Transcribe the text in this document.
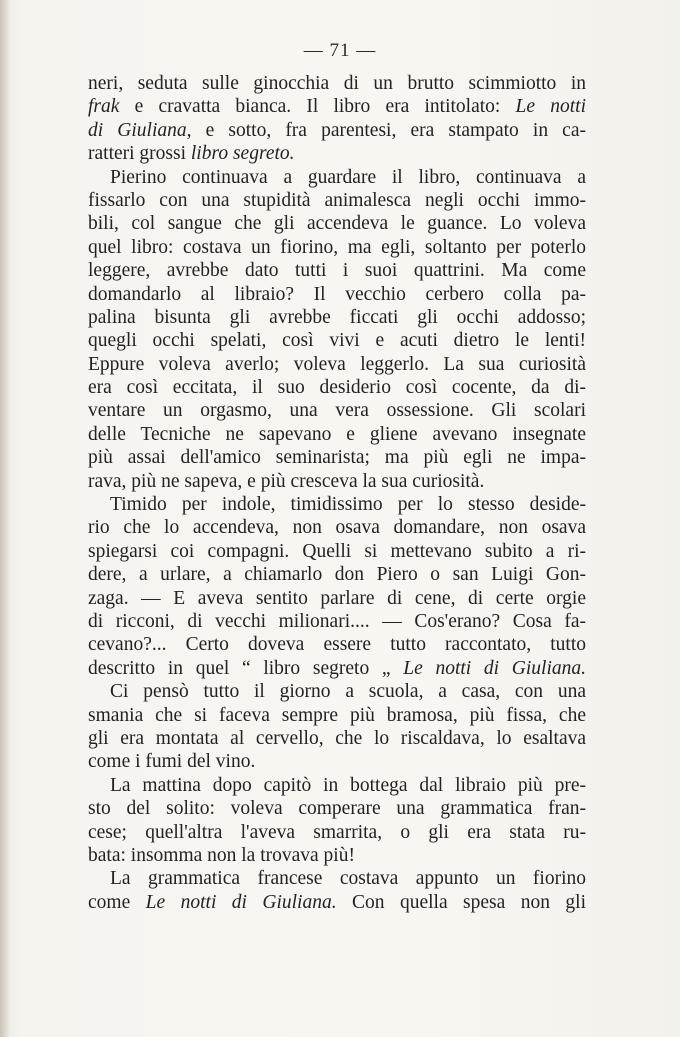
— 71 —
neri, seduta sulle ginocchia di un brutto scimmiotto in
frak e cravatta bianca. Il libro era intitolato: Le notti
di Giuliana, e sotto, fra parentesi, era stampato in ca-
ratteri grossi libro segreto.
Pierino continuava a guardare il libro, continuava a
fissarlo con una stupidità animalesca negli occhi immo-
bili, col sangue che gli accendeva le guance. Lo voleva
quel libro: costava un fiorino, ma egli, soltanto per poterlo
leggere, avrebbe dato tutti i suoi quattrini. Ma come
domandarlo al libraio? Il vecchio cerbero colla pa-
palina bisunta gli avrebbe ficcati gli occhi addosso;
quegli occhi spelati, così vivi e acuti dietro le lenti!
Eppure voleva averlo; voleva leggerlo. La sua curiosità
era così eccitata, il suo desiderio così cocente, da di-
ventare un orgasmo, una vera ossessione. Gli scolari
delle Tecniche ne sapevano e gliene avevano insegnate
più assai dell'amico seminarista; ma più egli ne impa-
rava, più ne sapeva, e più cresceva la sua curiosità.
Timido per indole, timidissimo per lo stesso deside-
rio che lo accendeva, non osava domandare, non osava
spiegarsi coi compagni. Quelli si mettevano subito a ri-
dere, a urlare, a chiamarlo don Piero o san Luigi Gon-
zaga. — E aveva sentito parlare di cene, di certe orgie
di ricconi, di vecchi milionari.... — Cos'erano? Cosa fa-
cevano?... Certo doveva essere tutto raccontato, tutto
descritto in quel “ libro segreto „ Le notti di Giuliana.
Ci pensò tutto il giorno a scuola, a casa, con una
smania che si faceva sempre più bramosa, più fissa, che
gli era montata al cervello, che lo riscaldava, lo esaltava
come i fumi del vino.
La mattina dopo capitò in bottega dal libraio più pre-
sto del solito: voleva comperare una grammatica fran-
cese; quell'altra l'aveva smarrita, o gli era stata ru-
bata: insomma non la trovava più!
La grammatica francese costava appunto un fiorino
come Le notti di Giuliana. Con quella spesa non gli
